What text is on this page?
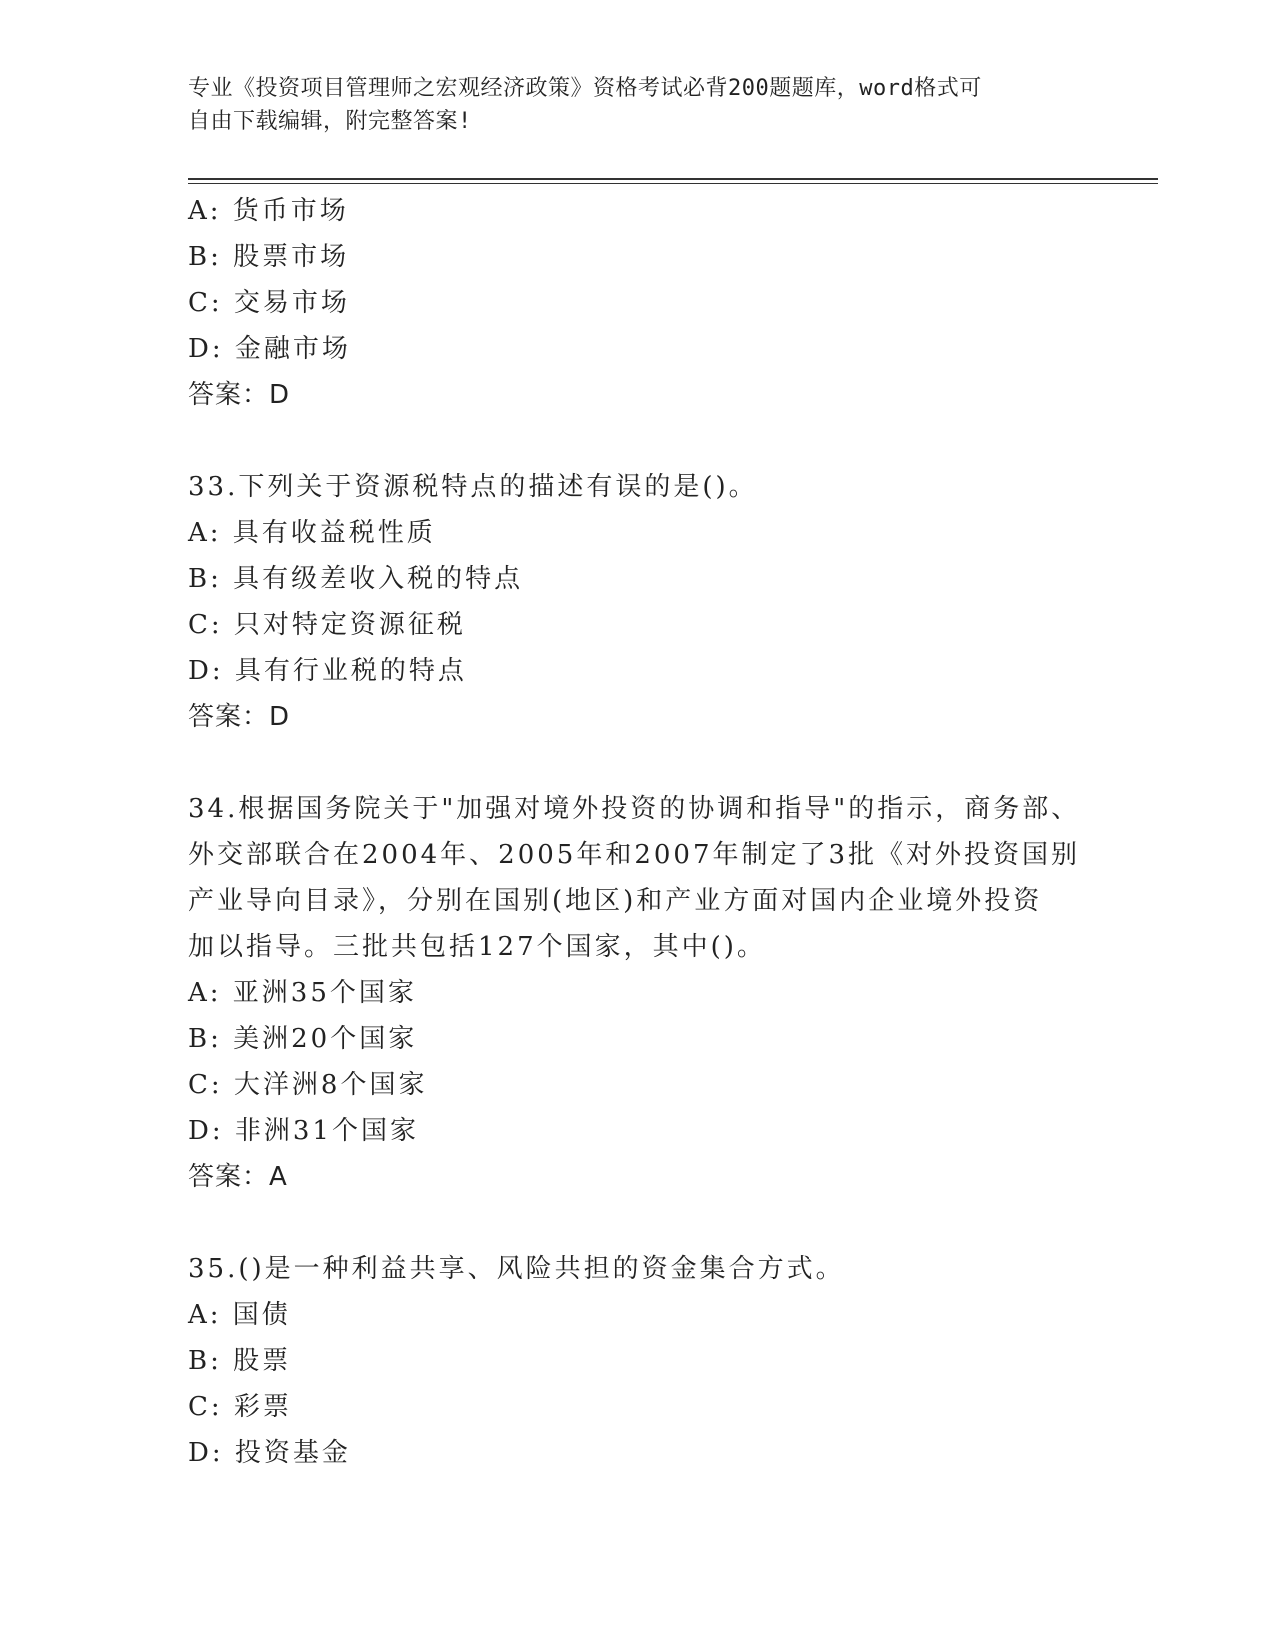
专业《投资项目管理师之宏观经济政策》资格考试必背200题题库，word格式可
自由下载编辑，附完整答案!
A: 货币市场
B: 股票市场
C: 交易市场
D: 金融市场
答案：D
33.下列关于资源税特点的描述有误的是()。
A: 具有收益税性质
B: 具有级差收入税的特点
C: 只对特定资源征税
D: 具有行业税的特点
答案：D
34.根据国务院关于"加强对境外投资的协调和指导"的指示，商务部、
外交部联合在2004年、2005年和2007年制定了3批《对外投资国别
产业导向目录》，分别在国别(地区)和产业方面对国内企业境外投资
加以指导。三批共包括127个国家，其中()。
A: 亚洲35个国家
B: 美洲20个国家
C: 大洋洲8个国家
D: 非洲31个国家
答案：A
35.()是一种利益共享、风险共担的资金集合方式。
A: 国债
B: 股票
C: 彩票
D: 投资基金
